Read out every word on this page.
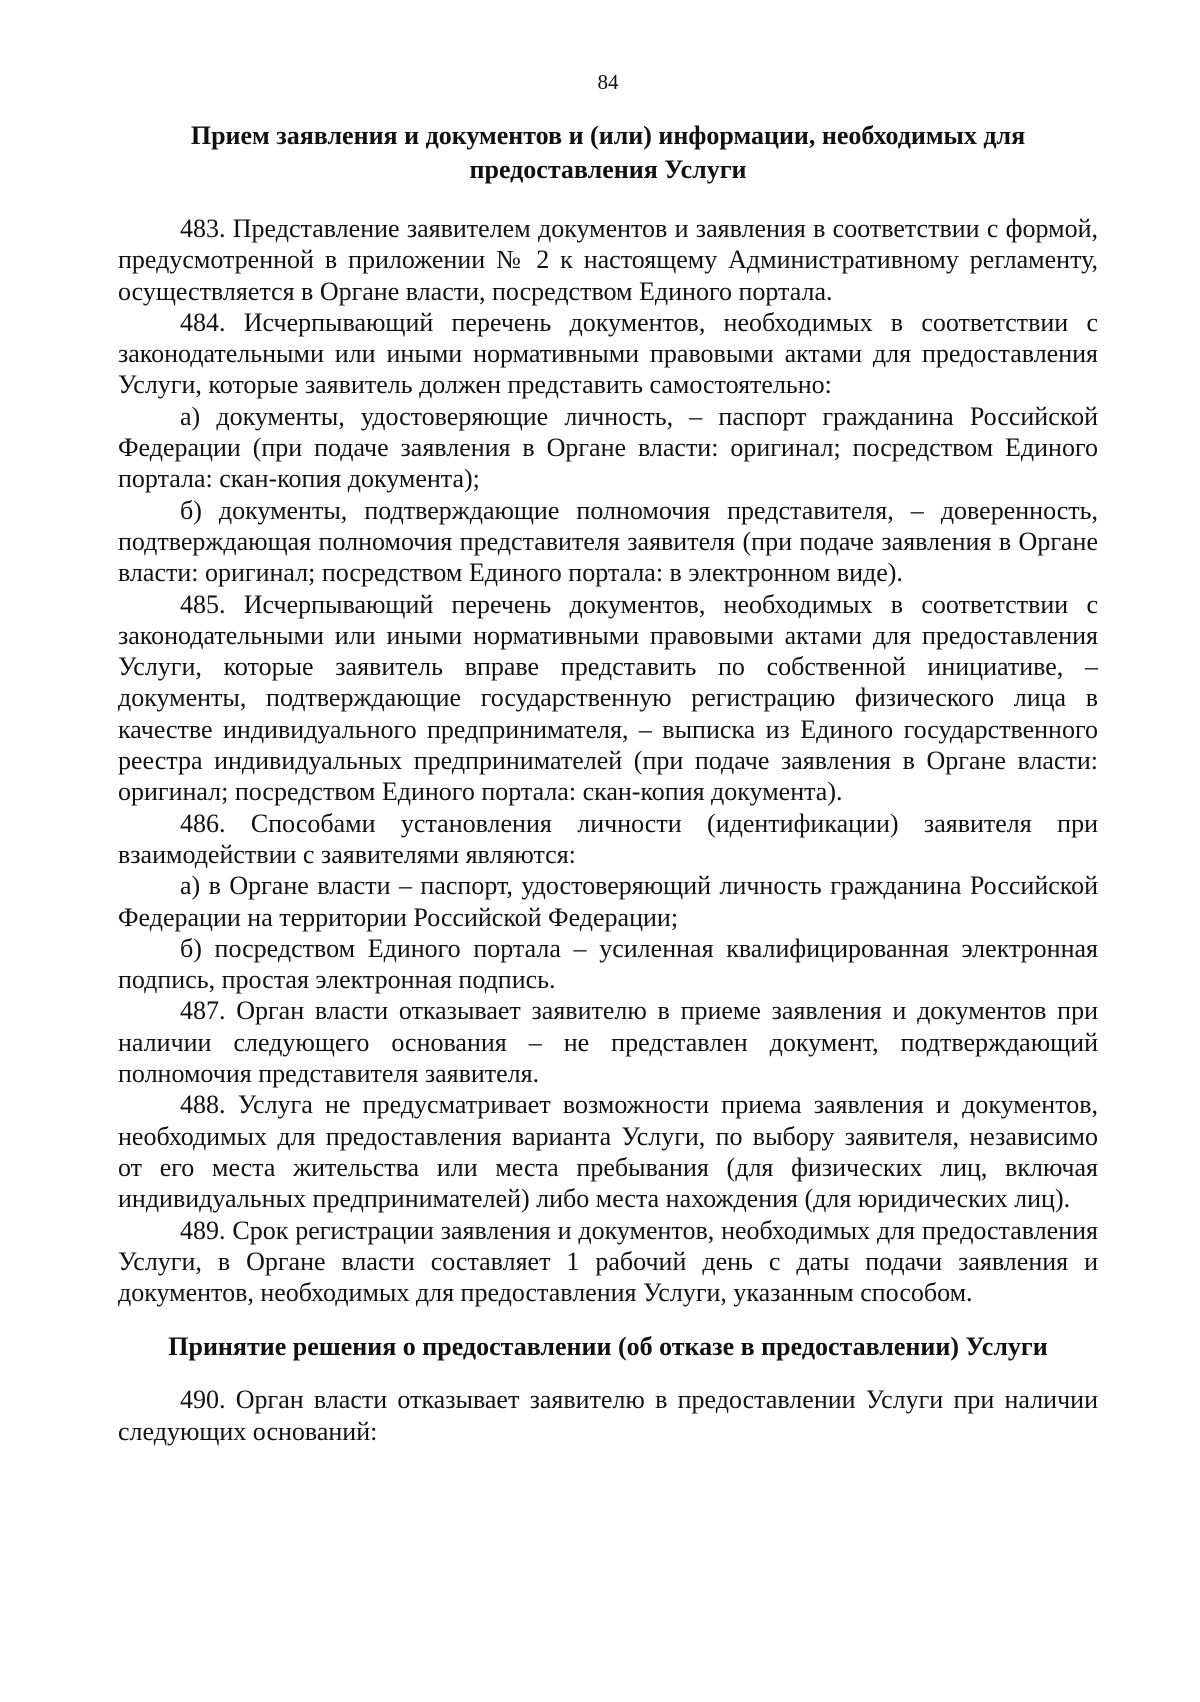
84
Прием заявления и документов и (или) информации, необходимых для предоставления Услуги

483. Представление заявителем документов и заявления в соответствии с формой, предусмотренной в приложении № 2 к настоящему Административному регламенту, осуществляется в Органе власти, посредством Единого портала.

484. Исчерпывающий перечень документов, необходимых в соответствии с законодательными или иными нормативными правовыми актами для предоставления Услуги, которые заявитель должен представить самостоятельно:

а) документы, удостоверяющие личность, – паспорт гражданина Российской Федерации (при подаче заявления в Органе власти: оригинал; посредством Единого портала: скан-копия документа);

б) документы, подтверждающие полномочия представителя, – доверенность, подтверждающая полномочия представителя заявителя (при подаче заявления в Органе власти: оригинал; посредством Единого портала: в электронном виде).

485. Исчерпывающий перечень документов, необходимых в соответствии с законодательными или иными нормативными правовыми актами для предоставления Услуги, которые заявитель вправе представить по собственной инициативе, – документы, подтверждающие государственную регистрацию физического лица в качестве индивидуального предпринимателя, – выписка из Единого государственного реестра индивидуальных предпринимателей (при подаче заявления в Органе власти: оригинал; посредством Единого портала: скан-копия документа).

486. Способами установления личности (идентификации) заявителя при взаимодействии с заявителями являются:

а) в Органе власти – паспорт, удостоверяющий личность гражданина Российской Федерации на территории Российской Федерации;

б) посредством Единого портала – усиленная квалифицированная электронная подпись, простая электронная подпись.

487. Орган власти отказывает заявителю в приеме заявления и документов при наличии следующего основания – не представлен документ, подтверждающий полномочия представителя заявителя.

488. Услуга не предусматривает возможности приема заявления и документов, необходимых для предоставления варианта Услуги, по выбору заявителя, независимо от его места жительства или места пребывания (для физических лиц, включая индивидуальных предпринимателей) либо места нахождения (для юридических лиц).

489. Срок регистрации заявления и документов, необходимых для предоставления Услуги, в Органе власти составляет 1 рабочий день с даты подачи заявления и документов, необходимых для предоставления Услуги, указанным способом.

Принятие решения о предоставлении (об отказе в предоставлении) Услуги

490. Орган власти отказывает заявителю в предоставлении Услуги при наличии следующих оснований:
